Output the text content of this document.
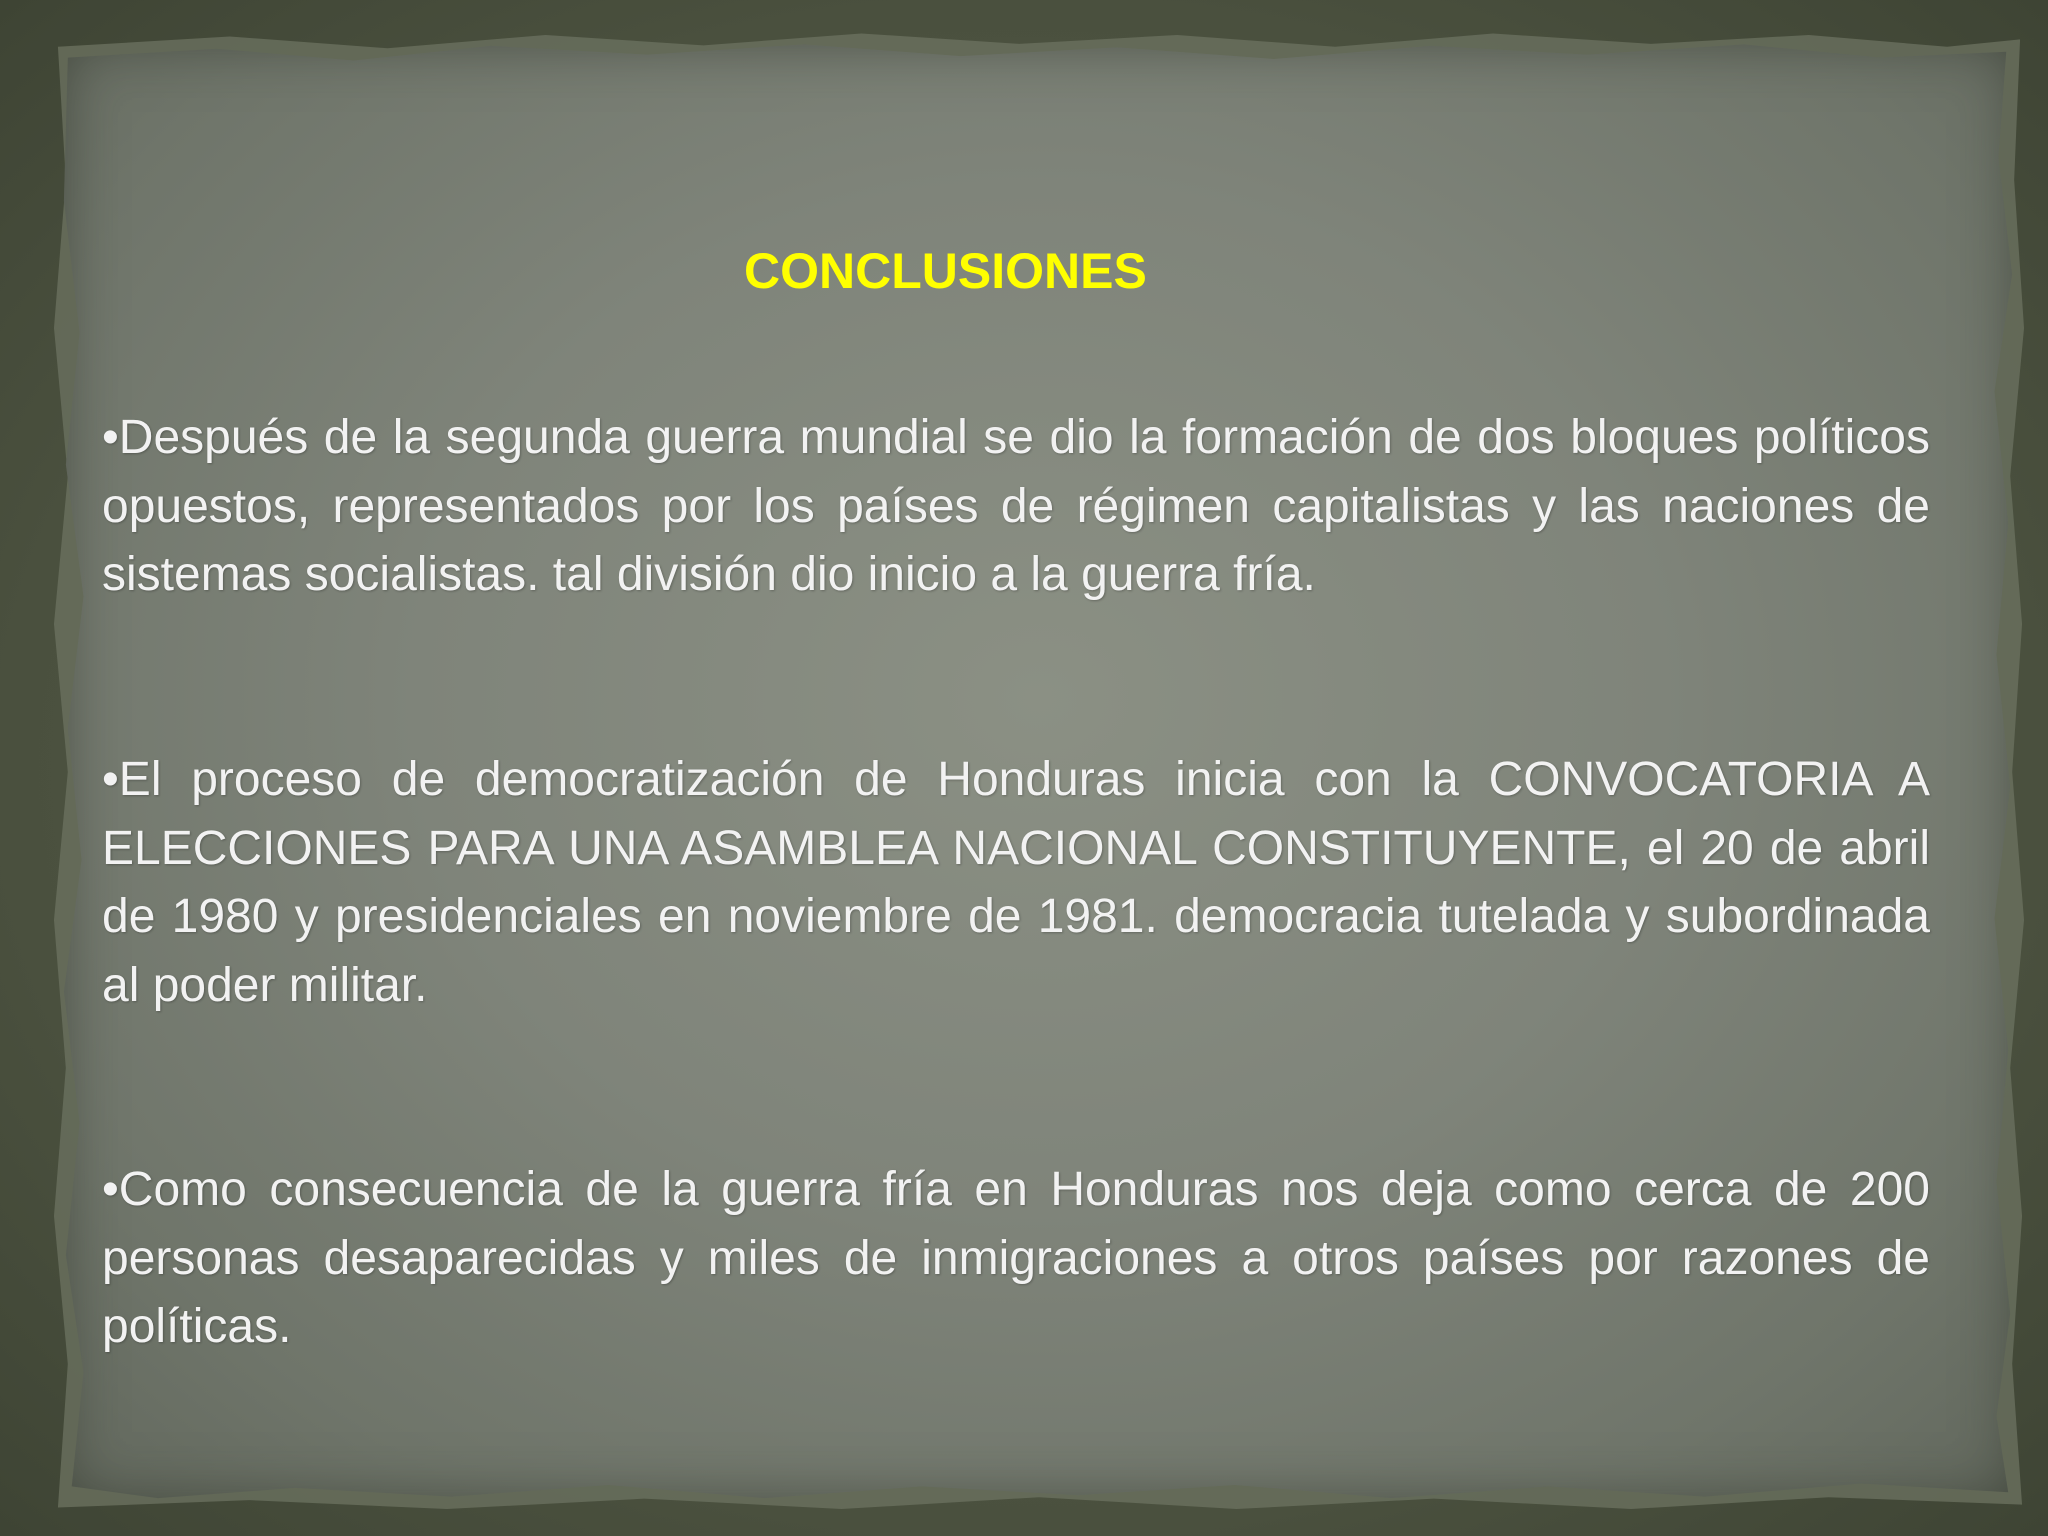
CONCLUSIONES

•Después de la segunda guerra mundial se dio la formación de dos bloques políticos opuestos, representados por los países de régimen capitalistas y las naciones de sistemas socialistas. tal división dio inicio a la guerra fría.

•El proceso de democratización de Honduras inicia con la CONVOCATORIA A ELECCIONES PARA UNA ASAMBLEA NACIONAL CONSTITUYENTE, el 20 de abril de 1980 y presidenciales en noviembre de 1981. democracia tutelada y subordinada al poder militar.

•Como consecuencia de la guerra fría en Honduras nos deja como cerca de 200 personas desaparecidas y miles de inmigraciones a otros países por razones de políticas.
